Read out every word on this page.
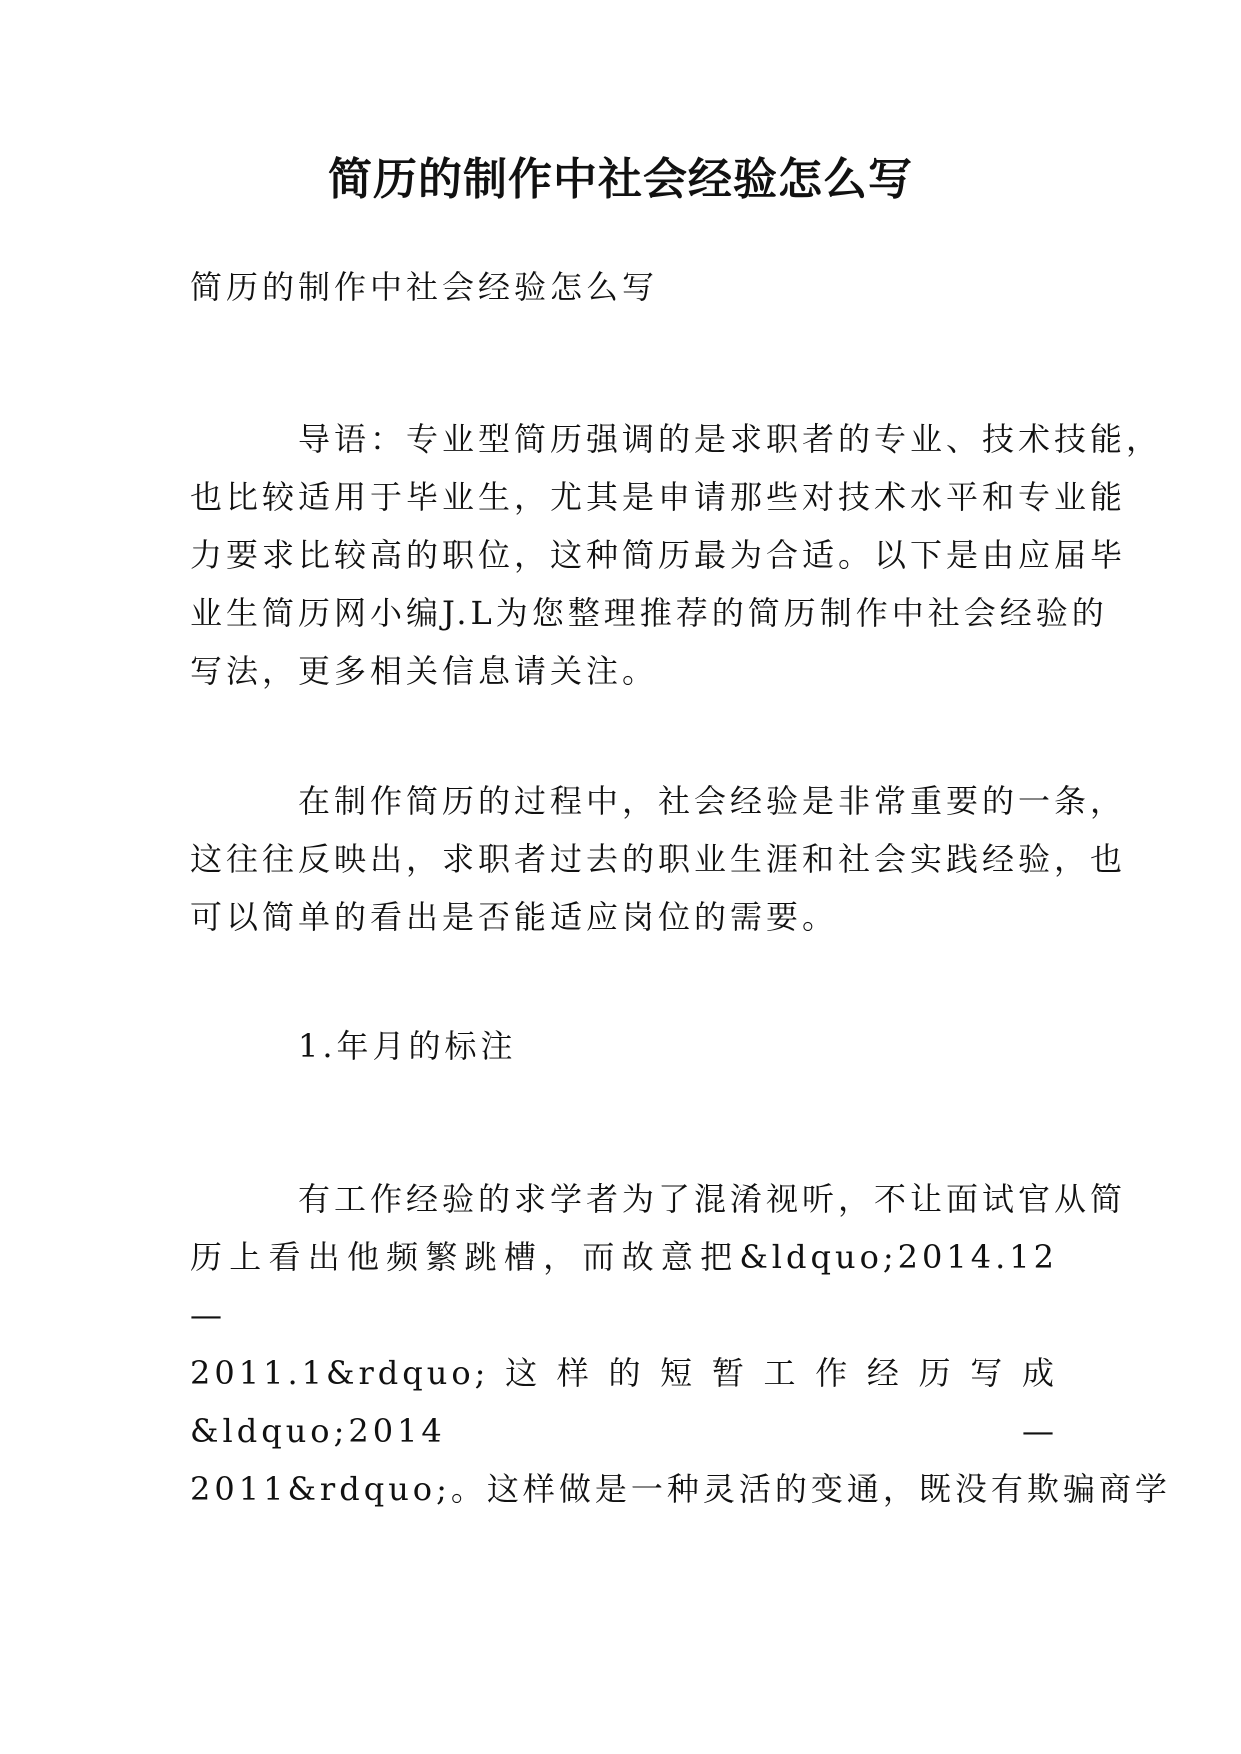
简历的制作中社会经验怎么写

简历的制作中社会经验怎么写

导语：专业型简历强调的是求职者的专业、技术技能，
也比较适用于毕业生，尤其是申请那些对技术水平和专业能
力要求比较高的职位，这种简历最为合适。以下是由应届毕
业生简历网小编J.L为您整理推荐的简历制作中社会经验的
写法，更多相关信息请关注。
在制作简历的过程中，社会经验是非常重要的一条，
这往往反映出，求职者过去的职业生涯和社会实践经验，也
可以简单的看出是否能适应岗位的需要。
1.年月的标注
有工作经验的求学者为了混淆视听，不让面试官从简
历上看出他频繁跳槽，而故意把&ldquo;2014.12 —
2011.1&rdquo;这样的短暂工作经历写成&ldquo;2014 —
2011&rdquo;。这样做是一种灵活的变通，既没有欺骗商学
